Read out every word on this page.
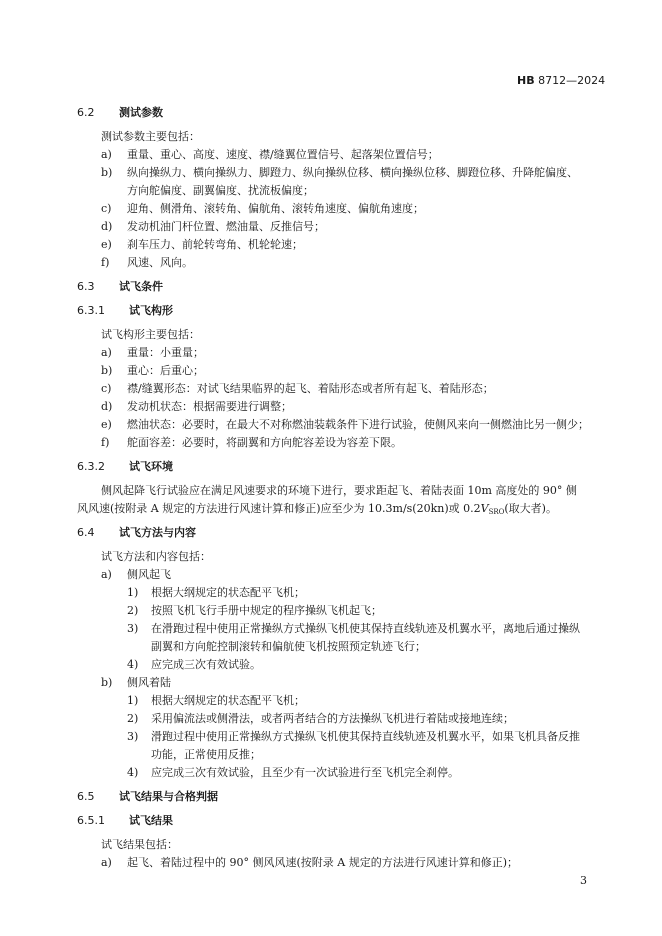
HB 8712—2024
6.2 测试参数
测试参数主要包括：
a) 重量、重心、高度、速度、襟/缝翼位置信号、起落架位置信号；
b) 纵向操纵力、横向操纵力、脚蹬力、纵向操纵位移、横向操纵位移、脚蹬位移、升降舵偏度、
方向舵偏度、副翼偏度、扰流板偏度；
c) 迎角、侧滑角、滚转角、偏航角、滚转角速度、偏航角速度；
d) 发动机油门杆位置、燃油量、反推信号；
e) 刹车压力、前轮转弯角、机轮轮速；
f) 风速、风向。
6.3 试飞条件
6.3.1 试飞构形
试飞构形主要包括：
a) 重量：小重量；
b) 重心：后重心；
c) 襟/缝翼形态：对试飞结果临界的起飞、着陆形态或者所有起飞、着陆形态；
d) 发动机状态：根据需要进行调整；
e) 燃油状态：必要时，在最大不对称燃油装载条件下进行试验，使侧风来向一侧燃油比另一侧少；
f) 舵面容差：必要时，将副翼和方向舵容差设为容差下限。
6.3.2 试飞环境
侧风起降飞行试验应在满足风速要求的环境下进行，要求距起飞、着陆表面 10m 高度处的 90° 侧
风风速(按附录 A 规定的方法进行风速计算和修正)应至少为 10.3m/s(20kn)或 $0.2V_{SRO}$(取大者)。
6.4 试飞方法与内容
试飞方法和内容包括：
a) 侧风起飞
1) 根据大纲规定的状态配平飞机；
2) 按照飞机飞行手册中规定的程序操纵飞机起飞；
3) 在滑跑过程中使用正常操纵方式操纵飞机使其保持直线轨迹及机翼水平，离地后通过操纵
副翼和方向舵控制滚转和偏航使飞机按照预定轨迹飞行；
4) 应完成三次有效试验。
b) 侧风着陆
1) 根据大纲规定的状态配平飞机；
2) 采用偏流法或侧滑法，或者两者结合的方法操纵飞机进行着陆或接地连续；
3) 滑跑过程中使用正常操纵方式操纵飞机使其保持直线轨迹及机翼水平，如果飞机具备反推
功能，正常使用反推；
4) 应完成三次有效试验，且至少有一次试验进行至飞机完全刹停。
6.5 试飞结果与合格判据
6.5.1 试飞结果
试飞结果包括：
a) 起飞、着陆过程中的 90° 侧风风速(按附录 A 规定的方法进行风速计算和修正)；
3
